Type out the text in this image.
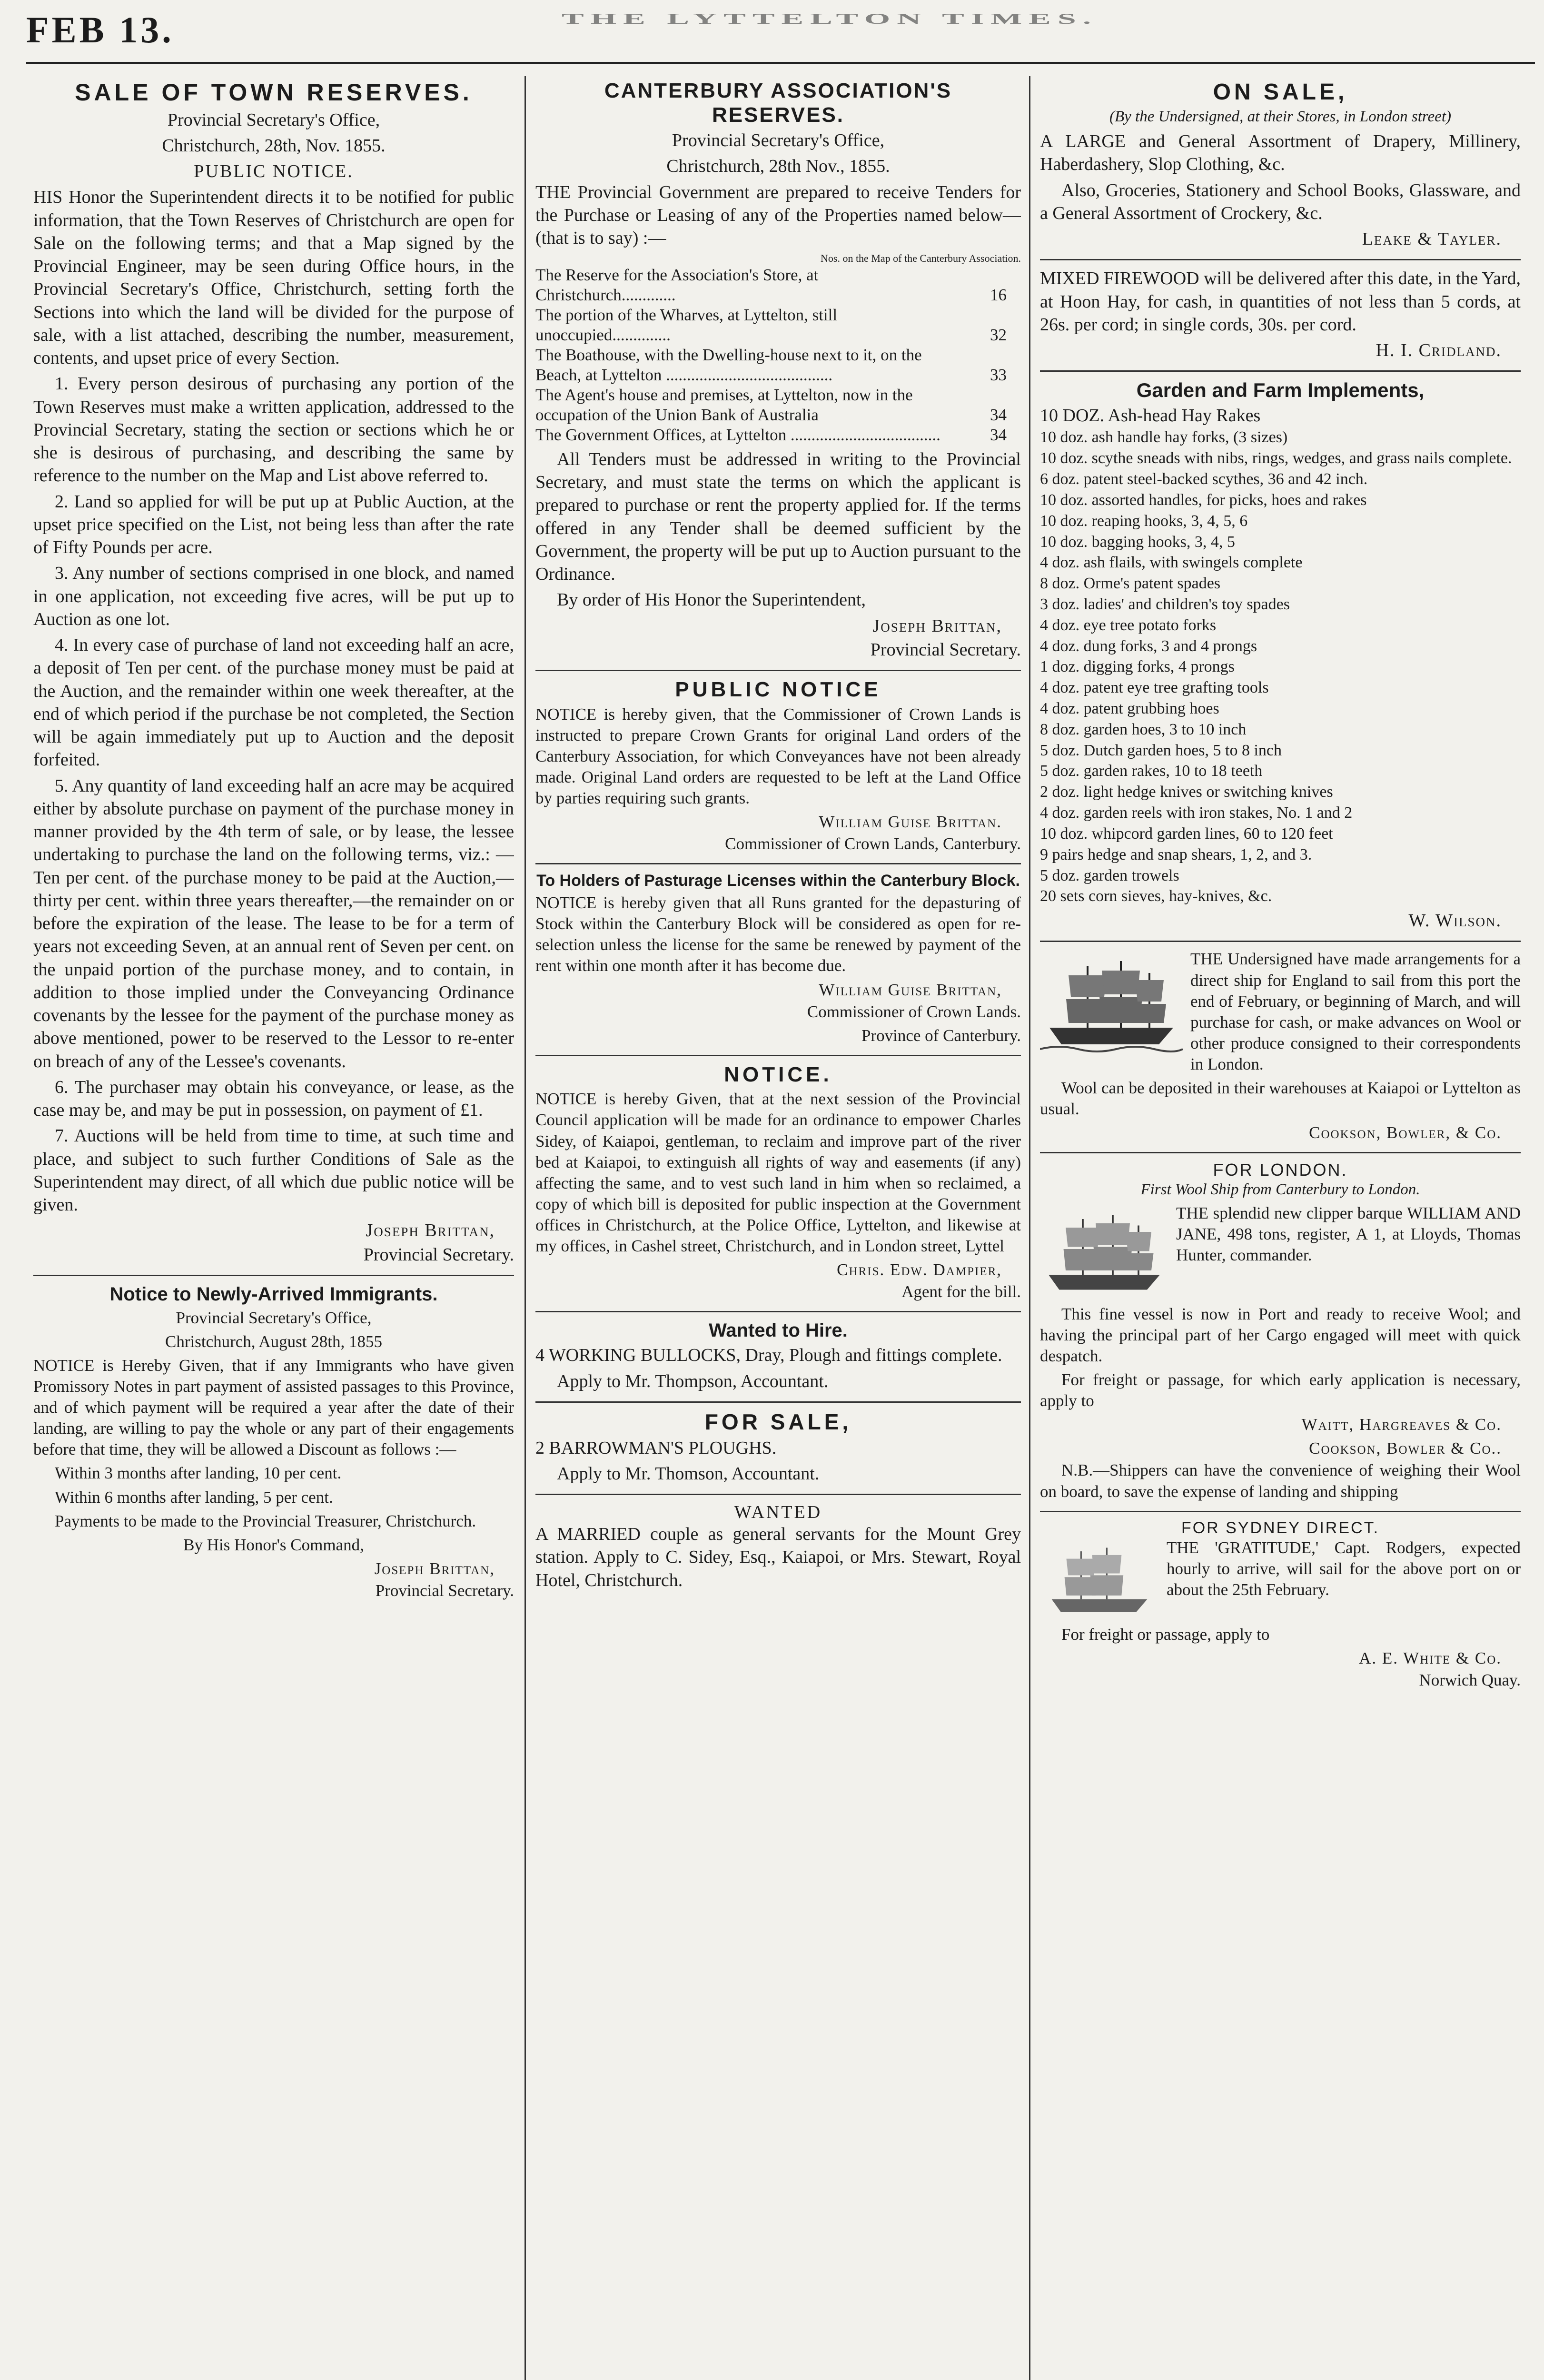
FEB 13.	THE LYTTELTON TIMES.
SALE OF TOWN RESERVES.

Provincial Secretary's Office,

Christchurch, 28th, Nov. 1855.

PUBLIC NOTICE.

HIS Honor the Superintendent directs it to be notified for public information, that the Town Reserves of Christchurch are open for Sale on the following terms; and that a Map signed by the Provincial Engineer, may be seen during Office hours, in the Provincial Secretary's Office, Christchurch, setting forth the Sections into which the land will be divided for the purpose of sale, with a list attached, describing the number, measurement, contents, and upset price of every Section.

1. Every person desirous of purchasing any portion of the Town Reserves must make a written application, addressed to the Provincial Secretary, stating the section or sections which he or she is desirous of purchasing, and describing the same by reference to the number on the Map and List above referred to.

2. Land so applied for will be put up at Public Auction, at the upset price specified on the List, not being less than after the rate of Fifty Pounds per acre.

3. Any number of sections comprised in one block, and named in one application, not exceeding five acres, will be put up to Auction as one lot.

4. In every case of purchase of land not exceeding half an acre, a deposit of Ten per cent. of the purchase money must be paid at the Auction, and the remainder within one week thereafter, at the end of which period if the purchase be not completed, the Section will be again immediately put up to Auction and the deposit forfeited.

5. Any quantity of land exceeding half an acre may be acquired either by absolute purchase on payment of the purchase money in manner provided by the 4th term of sale, or by lease, the lessee undertaking to purchase the land on the following terms, viz.: —Ten per cent. of the purchase money to be paid at the Auction,—thirty per cent. within three years thereafter,—the remainder on or before the expiration of the lease. The lease to be for a term of years not exceeding Seven, at an annual rent of Seven per cent. on the unpaid portion of the purchase money, and to contain, in addition to those implied under the Conveyancing Ordinance covenants by the lessee for the payment of the purchase money as above mentioned, power to be reserved to the Lessor to re-enter on breach of any of the Lessee's covenants.

6. The purchaser may obtain his conveyance, or lease, as the case may be, and may be put in possession, on payment of £1.

7. Auctions will be held from time to time, at such time and place, and subject to such further Conditions of Sale as the Superintendent may direct, of all which due public notice will be given.

Joseph Brittan,

Provincial Secretary.

Notice to Newly-Arrived Immigrants.

Provincial Secretary's Office,

Christchurch, August 28th, 1855

NOTICE is Hereby Given, that if any Immigrants who have given Promissory Notes in part payment of assisted passages to this Province, and of which payment will be required a year after the date of their landing, are willing to pay the whole or any part of their engagements before that time, they will be allowed a Discount as follows :—

Within 3 months after landing, 10 per cent.

Within 6 months after landing, 5 per cent.

Payments to be made to the Provincial Treasurer, Christchurch.

By His Honor's Command,

Joseph Brittan,

Provincial Secretary.

CANTERBURY ASSOCIATION'S RESERVES.

Provincial Secretary's Office,

Christchurch, 28th Nov., 1855.

THE Provincial Government are prepared to receive Tenders for the Purchase or Leasing of any of the Properties named below—(that is to say) :—

Nos. on the Map of the Canterbury Association.
The Reserve for the Association's Store, at Christchurch.............	16
The portion of the Wharves, at Lyttelton, still unoccupied..............	32
The Boathouse, with the Dwelling-house next to it, on the Beach, at Lyttelton ........................................	33
The Agent's house and premises, at Lyttelton, now in the occupation of the Union Bank of Australia	34
The Government Offices, at Lyttelton ....................................	34

All Tenders must be addressed in writing to the Provincial Secretary, and must state the terms on which the applicant is prepared to purchase or rent the property applied for. If the terms offered in any Tender shall be deemed sufficient by the Government, the property will be put up to Auction pursuant to the Ordinance.

By order of His Honor the Superintendent,

Joseph Brittan,

Provincial Secretary.

PUBLIC NOTICE

NOTICE is hereby given, that the Commissioner of Crown Lands is instructed to prepare Crown Grants for original Land orders of the Canterbury Association, for which Conveyances have not been already made. Original Land orders are requested to be left at the Land Office by parties requiring such grants.

William Guise Brittan.

Commissioner of Crown Lands, Canterbury.

To Holders of Pasturage Licenses within the Canterbury Block.

NOTICE is hereby given that all Runs granted for the depasturing of Stock within the Canterbury Block will be considered as open for re-selection unless the license for the same be renewed by payment of the rent within one month after it has become due.

William Guise Brittan,

Commissioner of Crown Lands.

Province of Canterbury.

NOTICE.

NOTICE is hereby Given, that at the next session of the Provincial Council application will be made for an ordinance to empower Charles Sidey, of Kaiapoi, gentleman, to reclaim and improve part of the river bed at Kaiapoi, to extinguish all rights of way and easements (if any) affecting the same, and to vest such land in him when so reclaimed, a copy of which bill is deposited for public inspection at the Government offices in Christchurch, at the Police Office, Lyttelton, and likewise at my offices, in Cashel street, Christchurch, and in London street, Lyttel

Chris. Edw. Dampier,

Agent for the bill.

Wanted to Hire.

4 WORKING BULLOCKS, Dray, Plough and fittings complete.

Apply to Mr. Thompson, Accountant.

FOR SALE,

2 BARROWMAN'S PLOUGHS.

Apply to Mr. Thomson, Accountant.

WANTED

A MARRIED couple as general servants for the Mount Grey station. Apply to C. Sidey, Esq., Kaiapoi, or Mrs. Stewart, Royal Hotel, Christchurch.

ON SALE,

(By the Undersigned, at their Stores, in London street)

A LARGE and General Assortment of Drapery, Millinery, Haberdashery, Slop Clothing, &c.

Also, Groceries, Stationery and School Books, Glassware, and a General Assortment of Crockery, &c.

Leake & Tayler.

MIXED FIREWOOD will be delivered after this date, in the Yard, at Hoon Hay, for cash, in quantities of not less than 5 cords, at 26s. per cord; in single cords, 30s. per cord.

H. I. Cridland.

Garden and Farm Implements,
10 DOZ. Ash-head Hay Rakes
10 doz. ash handle hay forks, (3 sizes)
10 doz. scythe sneads with nibs, rings, wedges, and grass nails complete.
6 doz. patent steel-backed scythes, 36 and 42 inch.
10 doz. assorted handles, for picks, hoes and rakes
10 doz. reaping hooks, 3, 4, 5, 6
10 doz. bagging hooks, 3, 4, 5
4 doz. ash flails, with swingels complete
8 doz. Orme's patent spades
3 doz. ladies' and children's toy spades
4 doz. eye tree potato forks
4 doz. dung forks, 3 and 4 prongs
1 doz. digging forks, 4 prongs
4 doz. patent eye tree grafting tools
4 doz. patent grubbing hoes
8 doz. garden hoes, 3 to 10 inch
5 doz. Dutch garden hoes, 5 to 8 inch
5 doz. garden rakes, 10 to 18 teeth
2 doz. light hedge knives or switching knives
4 doz. garden reels with iron stakes, No. 1 and 2
10 doz. whipcord garden lines, 60 to 120 feet
9 pairs hedge and snap shears, 1, 2, and 3.
5 doz. garden trowels
20 sets corn sieves, hay-knives, &c.

W. Wilson.

THE Undersigned have made arrangements for a direct ship for England to sail from this port the end of February, or beginning of March, and will purchase for cash, or make advances on Wool or other produce consigned to their correspondents in London.

Wool can be deposited in their warehouses at Kaiapoi or Lyttelton as usual.

Cookson, Bowler, & Co.

FOR LONDON.

First Wool Ship from Canterbury to London.

THE splendid new clipper barque WILLIAM AND JANE, 498 tons, register, A 1, at Lloyds, Thomas Hunter, commander.

This fine vessel is now in Port and ready to receive Wool; and having the principal part of her Cargo engaged will meet with quick despatch.

For freight or passage, for which early application is necessary, apply to

Waitt, Hargreaves & Co.

Cookson, Bowler & Co..

N.B.—Shippers can have the convenience of weighing their Wool on board, to save the expense of landing and shipping

FOR SYDNEY DIRECT.

THE 'GRATITUDE,' Capt. Rodgers, expected hourly to arrive, will sail for the above port on or about the 25th February.

For freight or passage, apply to

A. E. White & Co.

Norwich Quay.
